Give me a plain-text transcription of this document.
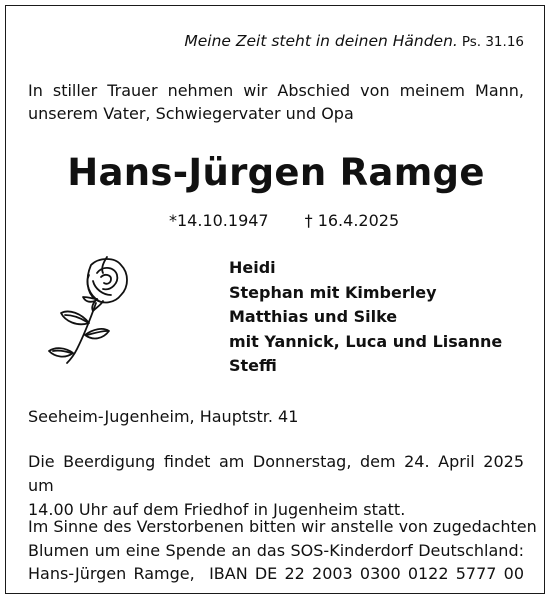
Meine Zeit steht in deinen Händen. Ps. 31.16
In stiller Trauer nehmen wir Abschied von meinem Mann,
unserem Vater, Schwiegervater und Opa
Hans-Jürgen Ramge
*14.10.1947 † 16.4.2025
Heidi
Stephan mit Kimberley
Matthias und Silke
mit Yannick, Luca und Lisanne
Steffi
Seeheim-Jugenheim, Hauptstr. 41
Die Beerdigung findet am Donnerstag, dem 24. April 2025 um
14.00 Uhr auf dem Friedhof in Jugenheim statt.
Im Sinne des Verstorbenen bitten wir anstelle von zugedachten
Blumen um eine Spende an das SOS-Kinderdorf Deutschland:
Hans-Jürgen Ramge,  IBAN DE 22 2003 0300 0122 5777 00
